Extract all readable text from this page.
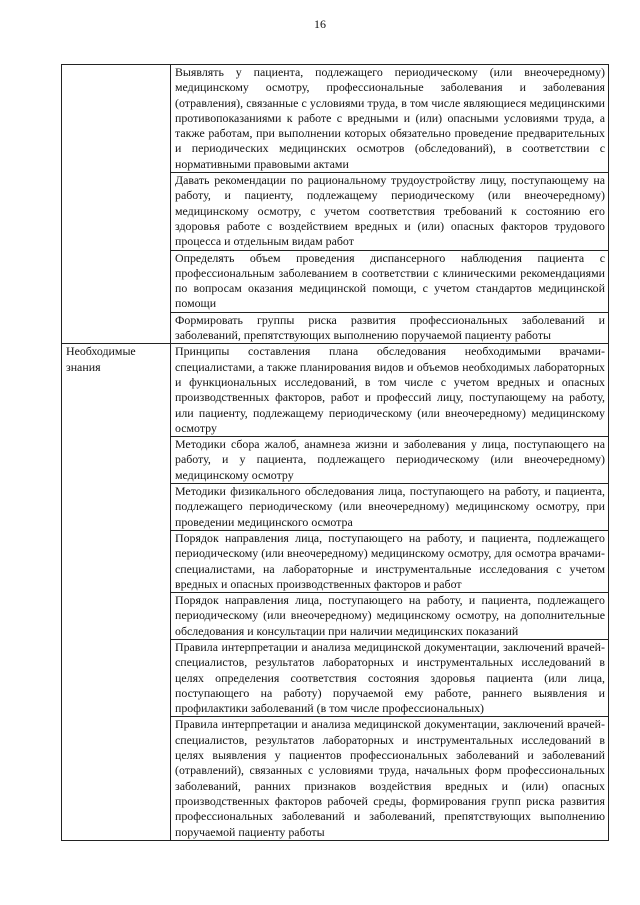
16
	Выявлять у пациента, подлежащего периодическому (или внеочередному) медицинскому осмотру, профессиональные заболевания и заболевания (отравления), связанные с условиями труда, в том числе являющиеся медицинскими противопоказаниями к работе с вредными и (или) опасными условиями труда, а также работам, при выполнении которых обязательно проведение предварительных и периодических медицинских осмотров (обследований), в соответствии с нормативными правовыми актами
	Давать рекомендации по рациональному трудоустройству лицу, поступающему на работу, и пациенту, подлежащему периодическому (или внеочередному) медицинскому осмотру, с учетом соответствия требований к состоянию его здоровья работе с воздействием вредных и (или) опасных факторов трудового процесса и отдельным видам работ
	Определять объем проведения диспансерного наблюдения пациента с профессиональным заболеванием в соответствии с клиническими рекомендациями по вопросам оказания медицинской помощи, с учетом стандартов медицинской помощи
	Формировать группы риска развития профессиональных заболеваний и заболеваний, препятствующих выполнению поручаемой пациенту работы
Необходимые знания	Принципы составления плана обследования необходимыми врачами-специалистами, а также планирования видов и объемов необходимых лабораторных и функциональных исследований, в том числе с учетом вредных и опасных производственных факторов, работ и профессий лицу, поступающему на работу, или пациенту, подлежащему периодическому (или внеочередному) медицинскому осмотру
	Методики сбора жалоб, анамнеза жизни и заболевания у лица, поступающего на работу, и у пациента, подлежащего периодическому (или внеочередному) медицинскому осмотру
	Методики физикального обследования лица, поступающего на работу, и пациента, подлежащего периодическому (или внеочередному) медицинскому осмотру, при проведении медицинского осмотра
	Порядок направления лица, поступающего на работу, и пациента, подлежащего периодическому (или внеочередному) медицинскому осмотру, для осмотра врачами-специалистами, на лабораторные и инструментальные исследования с учетом вредных и опасных производственных факторов и работ
	Порядок направления лица, поступающего на работу, и пациента, подлежащего периодическому (или внеочередному) медицинскому осмотру, на дополнительные обследования и консультации при наличии медицинских показаний
	Правила интерпретации и анализа медицинской документации, заключений врачей-специалистов, результатов лабораторных и инструментальных исследований в целях определения соответствия состояния здоровья пациента (или лица, поступающего на работу) поручаемой ему работе, раннего выявления и профилактики заболеваний (в том числе профессиональных)
	Правила интерпретации и анализа медицинской документации, заключений врачей-специалистов, результатов лабораторных и инструментальных исследований в целях выявления у пациентов профессиональных заболеваний и заболеваний (отравлений), связанных с условиями труда, начальных форм профессиональных заболеваний, ранних признаков воздействия вредных и (или) опасных производственных факторов рабочей среды, формирования групп риска развития профессиональных заболеваний и заболеваний, препятствующих выполнению поручаемой пациенту работы
